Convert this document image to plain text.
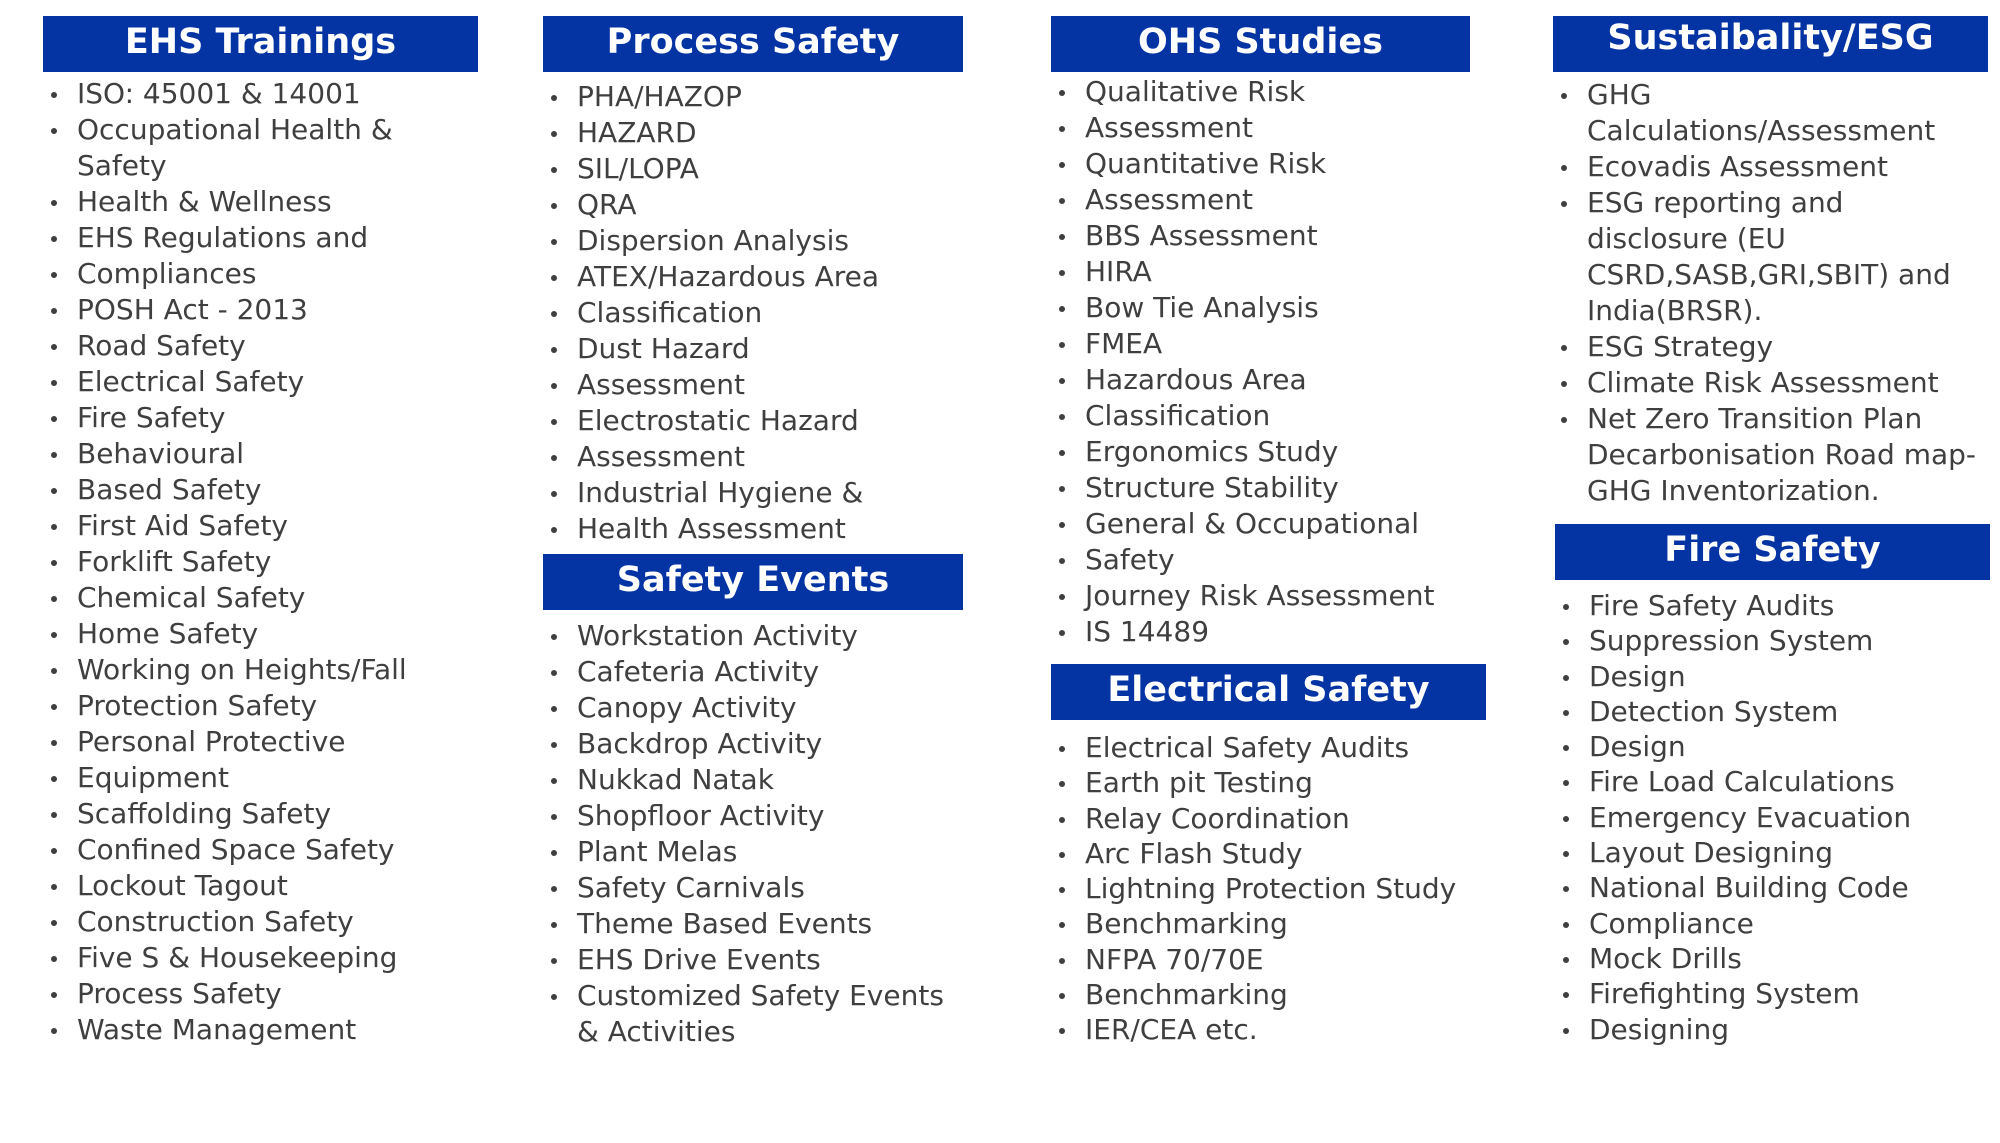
EHS Trainings
ISO: 45001 & 14001
Occupational Health & Safety
Health & Wellness
EHS Regulations and
Compliances
POSH Act - 2013
Road Safety
Electrical Safety
Fire Safety
Behavioural
Based Safety
First Aid Safety
Forklift Safety
Chemical Safety
Home Safety
Working on Heights/Fall
Protection Safety
Personal Protective
Equipment
Scaffolding Safety
Confined Space Safety
Lockout Tagout
Construction Safety
Five S & Housekeeping
Process Safety
Waste Management
Process Safety
PHA/HAZOP
HAZARD
SIL/LOPA
QRA
Dispersion Analysis
ATEX/Hazardous Area
Classification
Dust Hazard
Assessment
Electrostatic Hazard
Assessment
Industrial Hygiene &
Health Assessment
Safety Events
Workstation Activity
Cafeteria Activity
Canopy Activity
Backdrop Activity
Nukkad Natak
Shopfloor Activity
Plant Melas
Safety Carnivals
Theme Based Events
EHS Drive Events
Customized Safety Events
& Activities
OHS Studies
Qualitative Risk
Assessment
Quantitative Risk
Assessment
BBS Assessment
HIRA
Bow Tie Analysis
FMEA
Hazardous Area
Classification
Ergonomics Study
Structure Stability
General & Occupational
Safety
Journey Risk Assessment
IS 14489
Electrical Safety
Electrical Safety Audits
Earth pit Testing
Relay Coordination
Arc Flash Study
Lightning Protection Study
Benchmarking
NFPA 70/70E
Benchmarking
IER/CEA etc.
Sustaibality/ESG
GHG
Calculations/Assessment
Ecovadis Assessment
ESG reporting and
disclosure (EU
CSRD,SASB,GRI,SBIT) and
India(BRSR).
ESG Strategy
Climate Risk Assessment
Net Zero Transition Plan
Decarbonisation Road map-
GHG Inventorization.
Fire Safety
Fire Safety Audits
Suppression System
Design
Detection System
Design
Fire Load Calculations
Emergency Evacuation
Layout Designing
National Building Code
Compliance
Mock Drills
Firefighting System
Designing
